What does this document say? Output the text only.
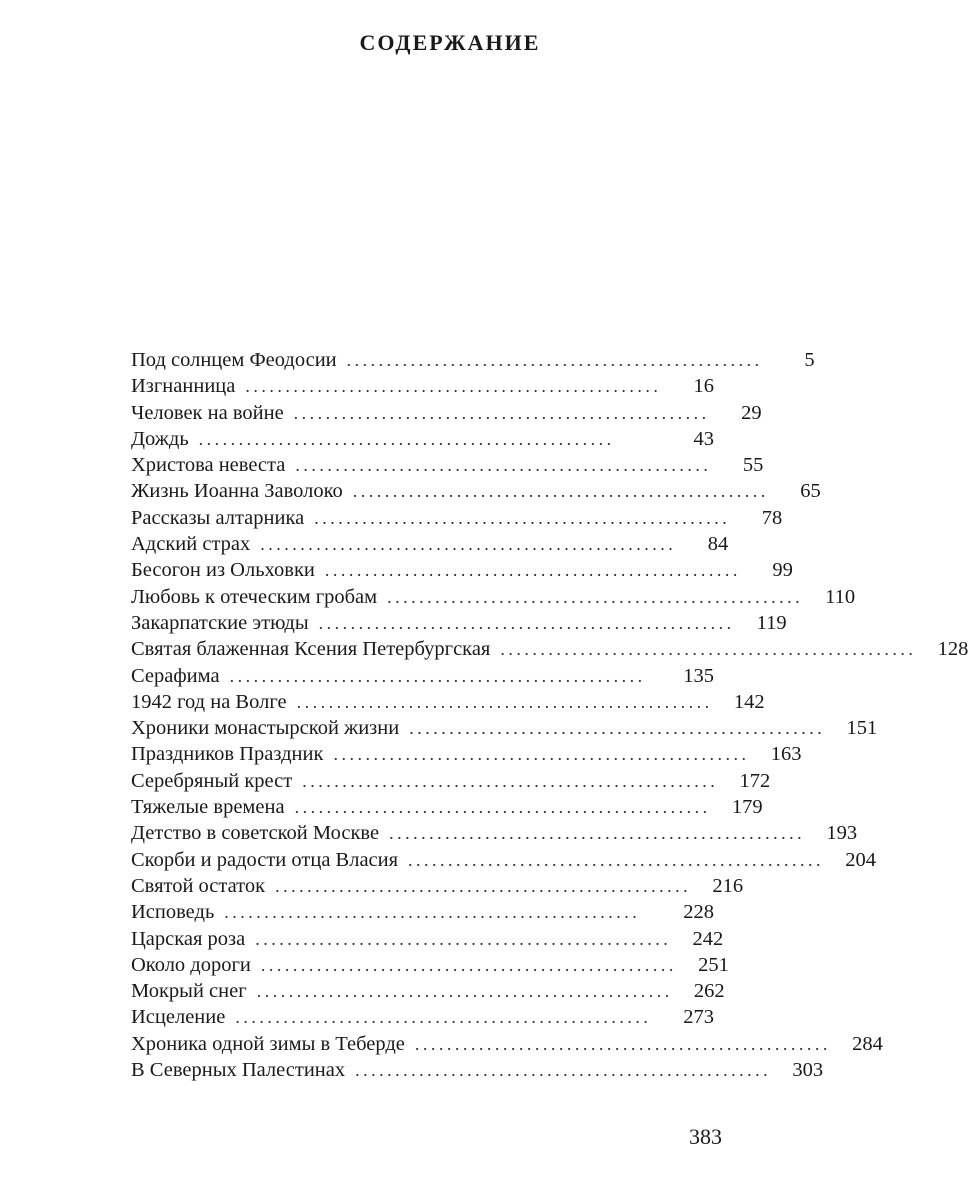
СОДЕРЖАНИЕ
Под солнцем Феодосии ....................................................	5
Изгнанница ....................................................	16
Человек на войне ....................................................	29
Дождь ....................................................	43
Христова невеста ....................................................	55
Жизнь Иоанна Заволоко ....................................................	65
Рассказы алтарника ....................................................	78
Адский страх ....................................................	84
Бесогон из Ольховки ....................................................	99
Любовь к отеческим гробам ....................................................	110
Закарпатские этюды ....................................................	119
Святая блаженная Ксения Петербургская ....................................................	128
Серафима ....................................................	135
1942 год на Волге ....................................................	142
Хроники монастырской жизни ....................................................	151
Праздников Праздник ....................................................	163
Серебряный крест ....................................................	172
Тяжелые времена ....................................................	179
Детство в советской Москве ....................................................	193
Скорби и радости отца Власия ....................................................	204
Святой остаток ....................................................	216
Исповедь ....................................................	228
Царская роза ....................................................	242
Около дороги ....................................................	251
Мокрый снег ....................................................	262
Исцеление ....................................................	273
Хроника одной зимы в Теберде ....................................................	284
В Северных Палестинах ....................................................	303
383
